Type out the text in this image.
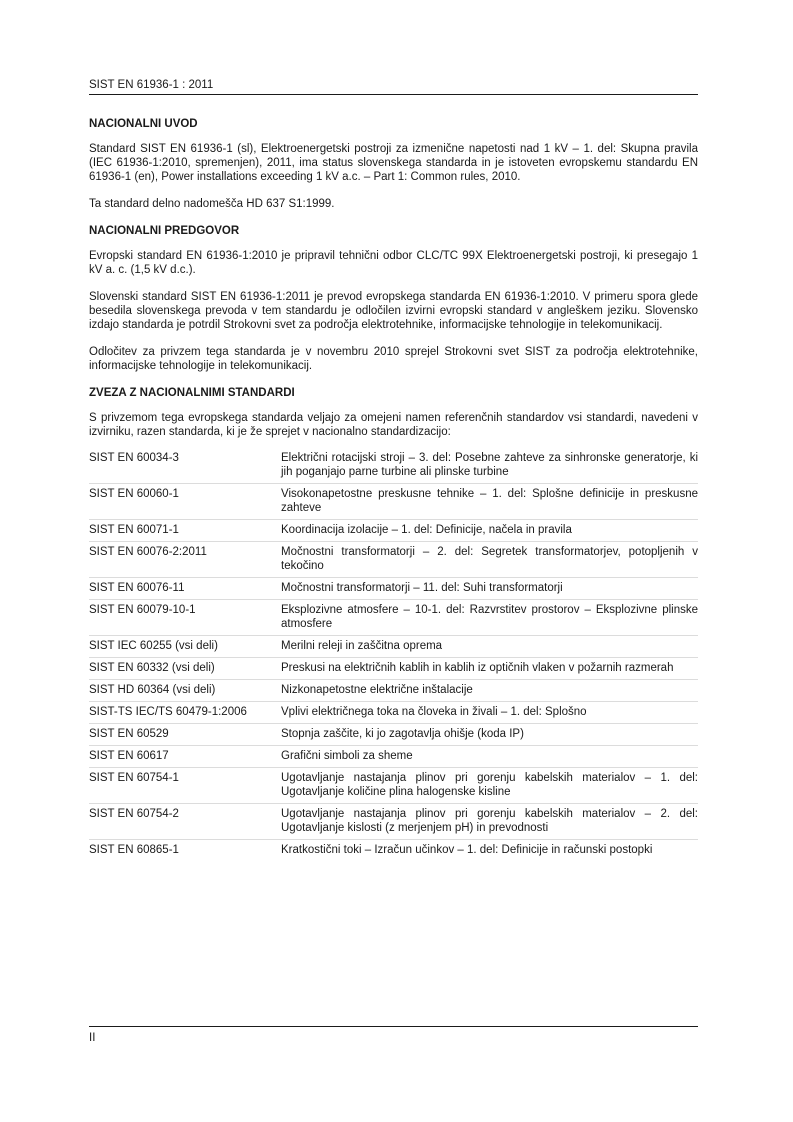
SIST EN 61936-1 : 2011
NACIONALNI UVOD

Standard SIST EN 61936-1 (sl), Elektroenergetski postroji za izmenične napetosti nad 1 kV – 1. del: Skupna pravila (IEC 61936-1:2010, spremenjen), 2011, ima status slovenskega standarda in je istoveten evropskemu standardu EN 61936-1 (en), Power installations exceeding 1 kV a.c. – Part 1: Common rules, 2010.

Ta standard delno nadomešča HD 637 S1:1999.

NACIONALNI PREDGOVOR

Evropski standard EN 61936-1:2010 je pripravil tehnični odbor CLC/TC 99X Elektroenergetski postroji, ki presegajo 1 kV a. c. (1,5 kV d.c.).

Slovenski standard SIST EN 61936-1:2011 je prevod evropskega standarda EN 61936-1:2010. V primeru spora glede besedila slovenskega prevoda v tem standardu je odločilen izvirni evropski standard v angleškem jeziku. Slovensko izdajo standarda je potrdil Strokovni svet za področja elektrotehnike, informacijske tehnologije in telekomunikacij.

Odločitev za privzem tega standarda je v novembru 2010 sprejel Strokovni svet SIST za področja elektrotehnike, informacijske tehnologije in telekomunikacij.

ZVEZA Z NACIONALNIMI STANDARDI

S privzemom tega evropskega standarda veljajo za omejeni namen referenčnih standardov vsi standardi, navedeni v izvirniku, razen standarda, ki je že sprejet v nacionalno standardizacijo:

SIST EN 60034-3	Električni rotacijski stroji – 3. del: Posebne zahteve za sinhronske generatorje, ki jih poganjajo parne turbine ali plinske turbine
SIST EN 60060-1	Visokonapetostne preskusne tehnike – 1. del: Splošne definicije in preskusne zahteve
SIST EN 60071-1	Koordinacija izolacije – 1. del: Definicije, načela in pravila
SIST EN 60076-2:2011	Močnostni transformatorji – 2. del: Segretek transformatorjev, potopljenih v tekočino
SIST EN 60076-11	Močnostni transformatorji – 11. del: Suhi transformatorji
SIST EN 60079-10-1	Eksplozivne atmosfere – 10-1. del: Razvrstitev prostorov – Eksplozivne plinske atmosfere
SIST IEC 60255 (vsi deli)	Merilni releji in zaščitna oprema
SIST EN 60332 (vsi deli)	Preskusi na električnih kablih in kablih iz optičnih vlaken v požarnih razmerah
SIST HD 60364 (vsi deli)	Nizkonapetostne električne inštalacije
SIST-TS IEC/TS 60479-1:2006	Vplivi električnega toka na človeka in živali – 1. del: Splošno
SIST EN 60529	Stopnja zaščite, ki jo zagotavlja ohišje (koda IP)
SIST EN 60617	Grafični simboli za sheme
SIST EN 60754-1	Ugotavljanje nastajanja plinov pri gorenju kabelskih materialov – 1. del: Ugotavljanje količine plina halogenske kisline
SIST EN 60754-2	Ugotavljanje nastajanja plinov pri gorenju kabelskih materialov – 2. del: Ugotavljanje kislosti (z merjenjem pH) in prevodnosti
SIST EN 60865-1	Kratkostični toki – Izračun učinkov – 1. del: Definicije in računski postopki
II
